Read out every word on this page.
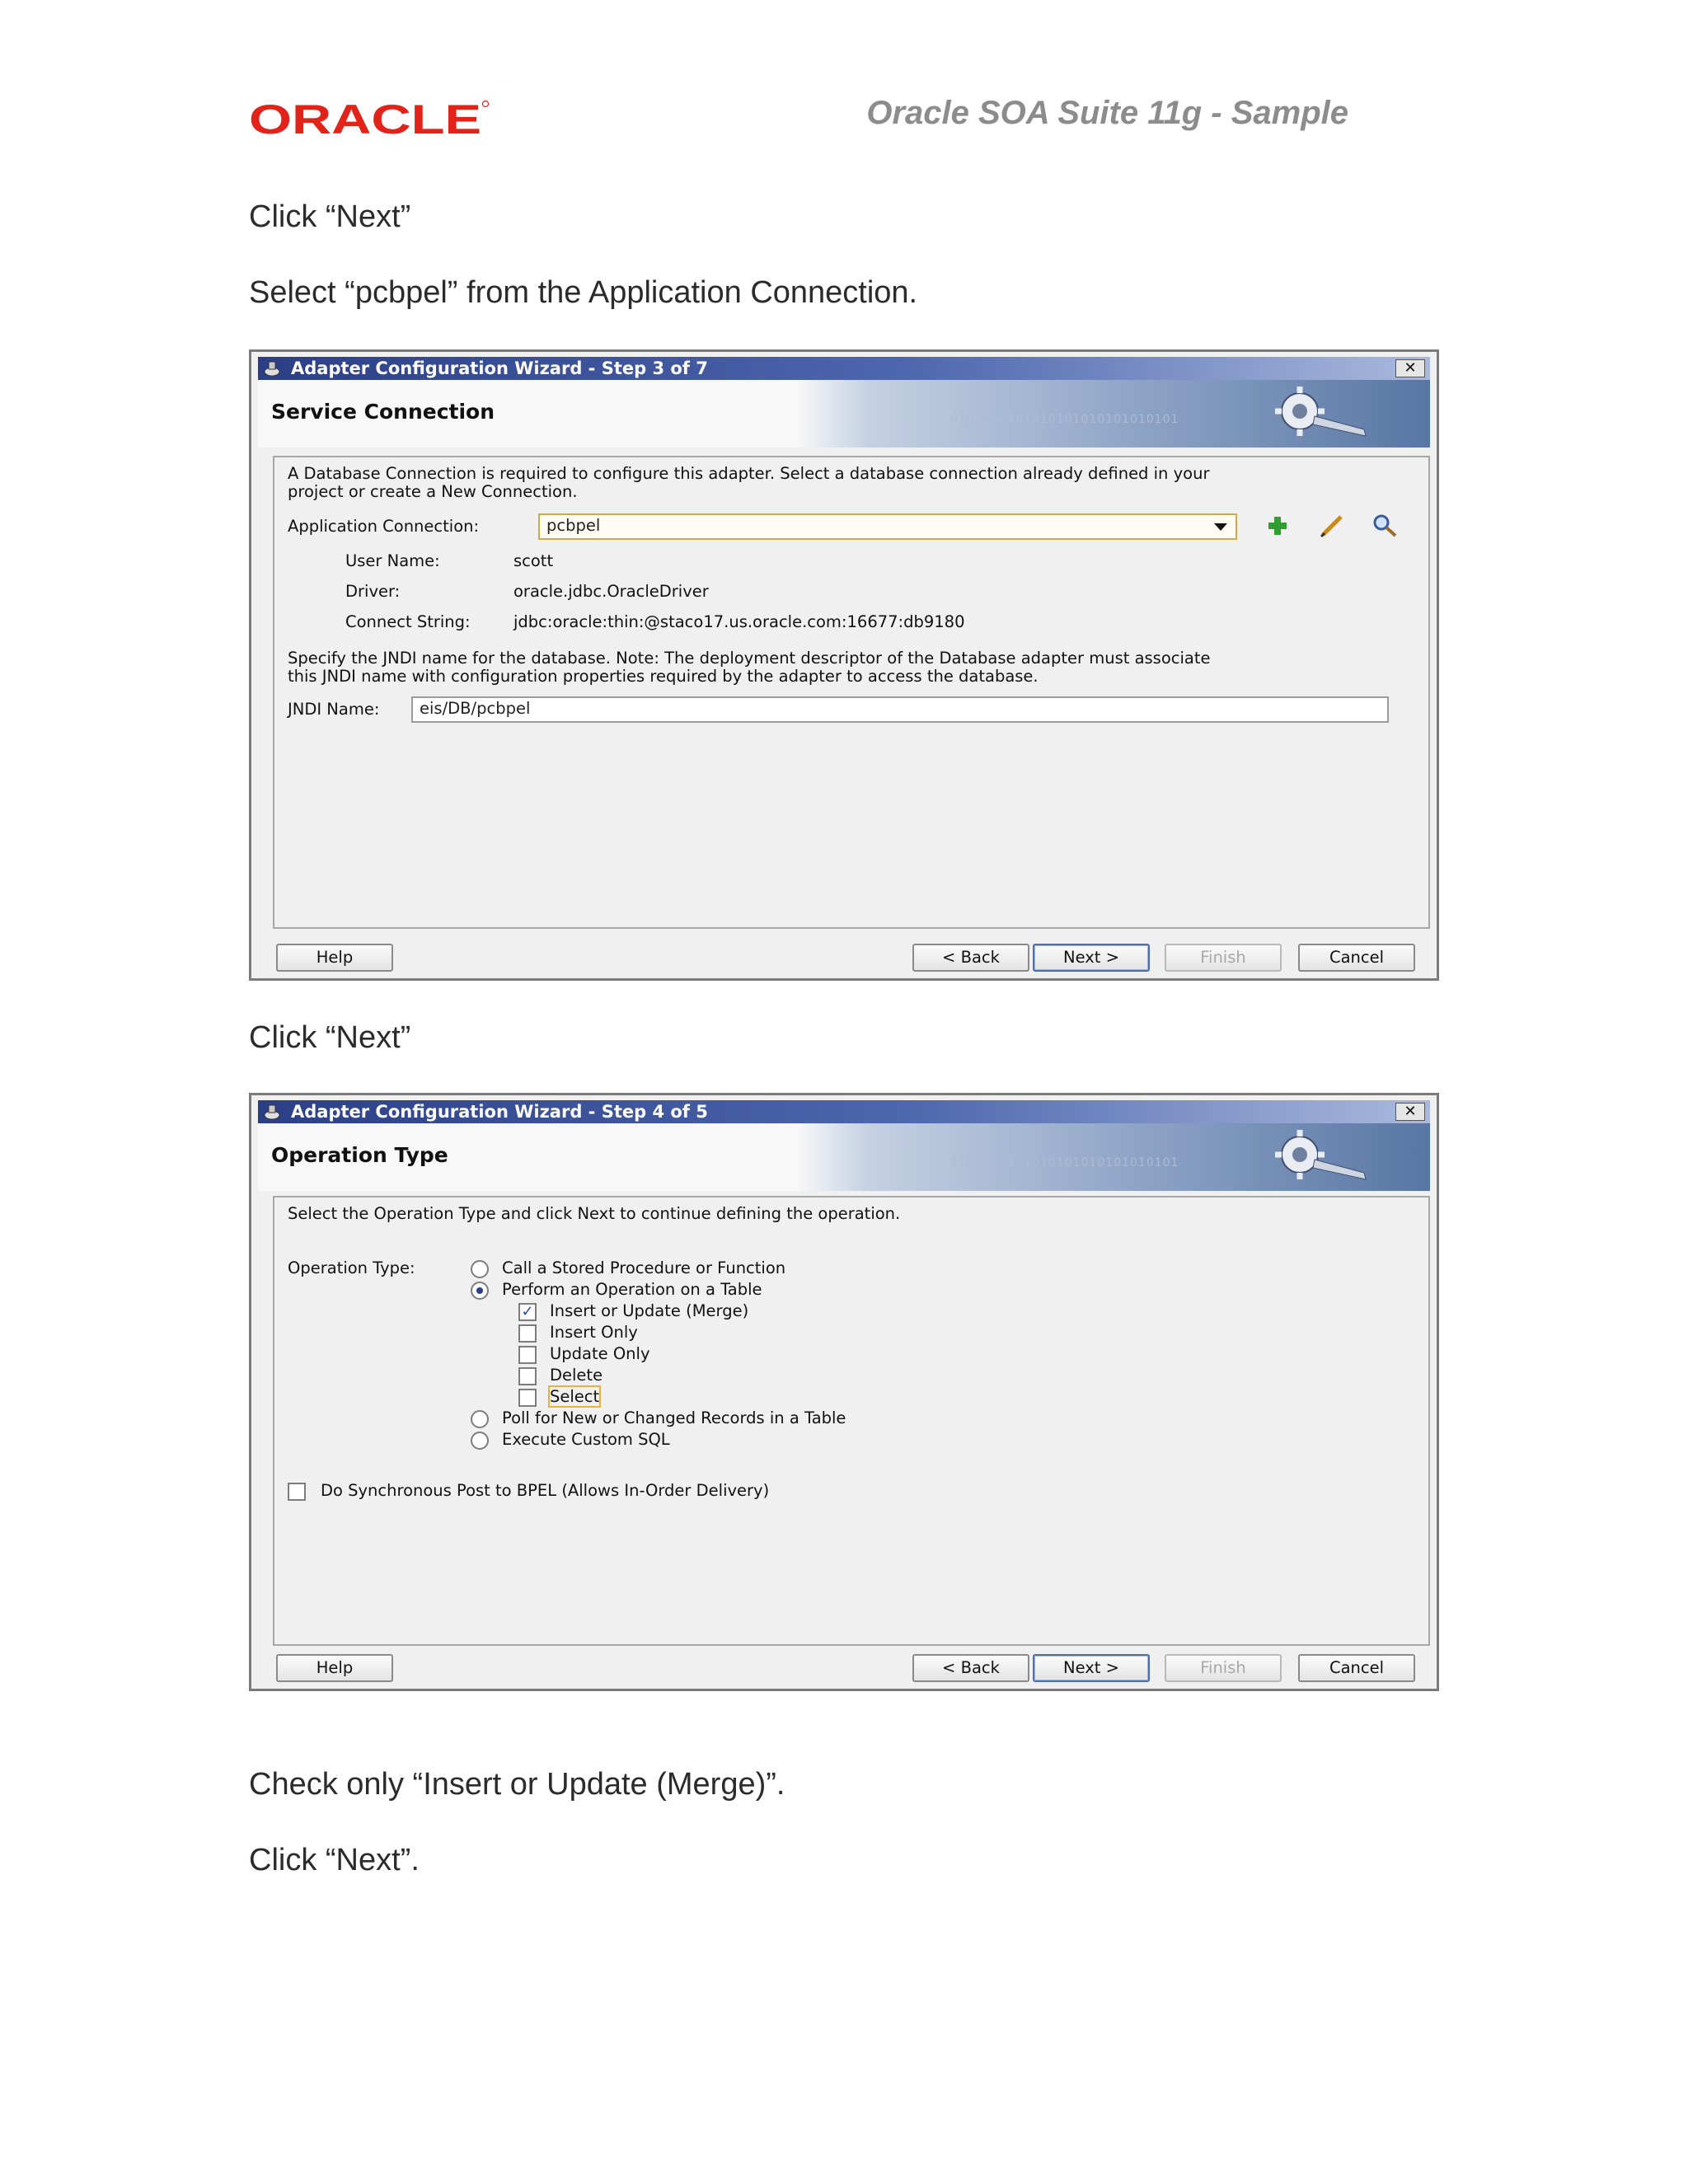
ORACLE	Oracle SOA Suite 11g - Sample
Click “Next”
Select “pcbpel” from the Application Connection.
Adapter Configuration Wizard - Step 3 of 7	✕
Service Connection	0101010101010101010101010101
A Database Connection is required to configure this adapter. Select a database connection already defined in your
project or create a New Connection.
Application Connection:	pcbpel
User Name:	scott
Driver:	oracle.jdbc.OracleDriver
Connect String:	jdbc:oracle:thin:@staco17.us.oracle.com:16677:db9180
Specify the JNDI name for the database. Note: The deployment descriptor of the Database adapter must associate
this JNDI name with configuration properties required by the adapter to access the database.
JNDI Name:	eis/DB/pcbpel
Help	< Back	Next >	Finish	Cancel
Click “Next”
Adapter Configuration Wizard - Step 4 of 5	✕
Operation Type	0101010101010101010101010101
Select the Operation Type and click Next to continue defining the operation.
Operation Type:	Call a Stored Procedure or Function
Perform an Operation on a Table
✓ Insert or Update (Merge)
Insert Only
Update Only
Delete
Select
Poll for New or Changed Records in a Table
Execute Custom SQL
Do Synchronous Post to BPEL (Allows In-Order Delivery)
Help	< Back	Next >	Finish	Cancel
Check only “Insert or Update (Merge)”.
Click “Next”.
